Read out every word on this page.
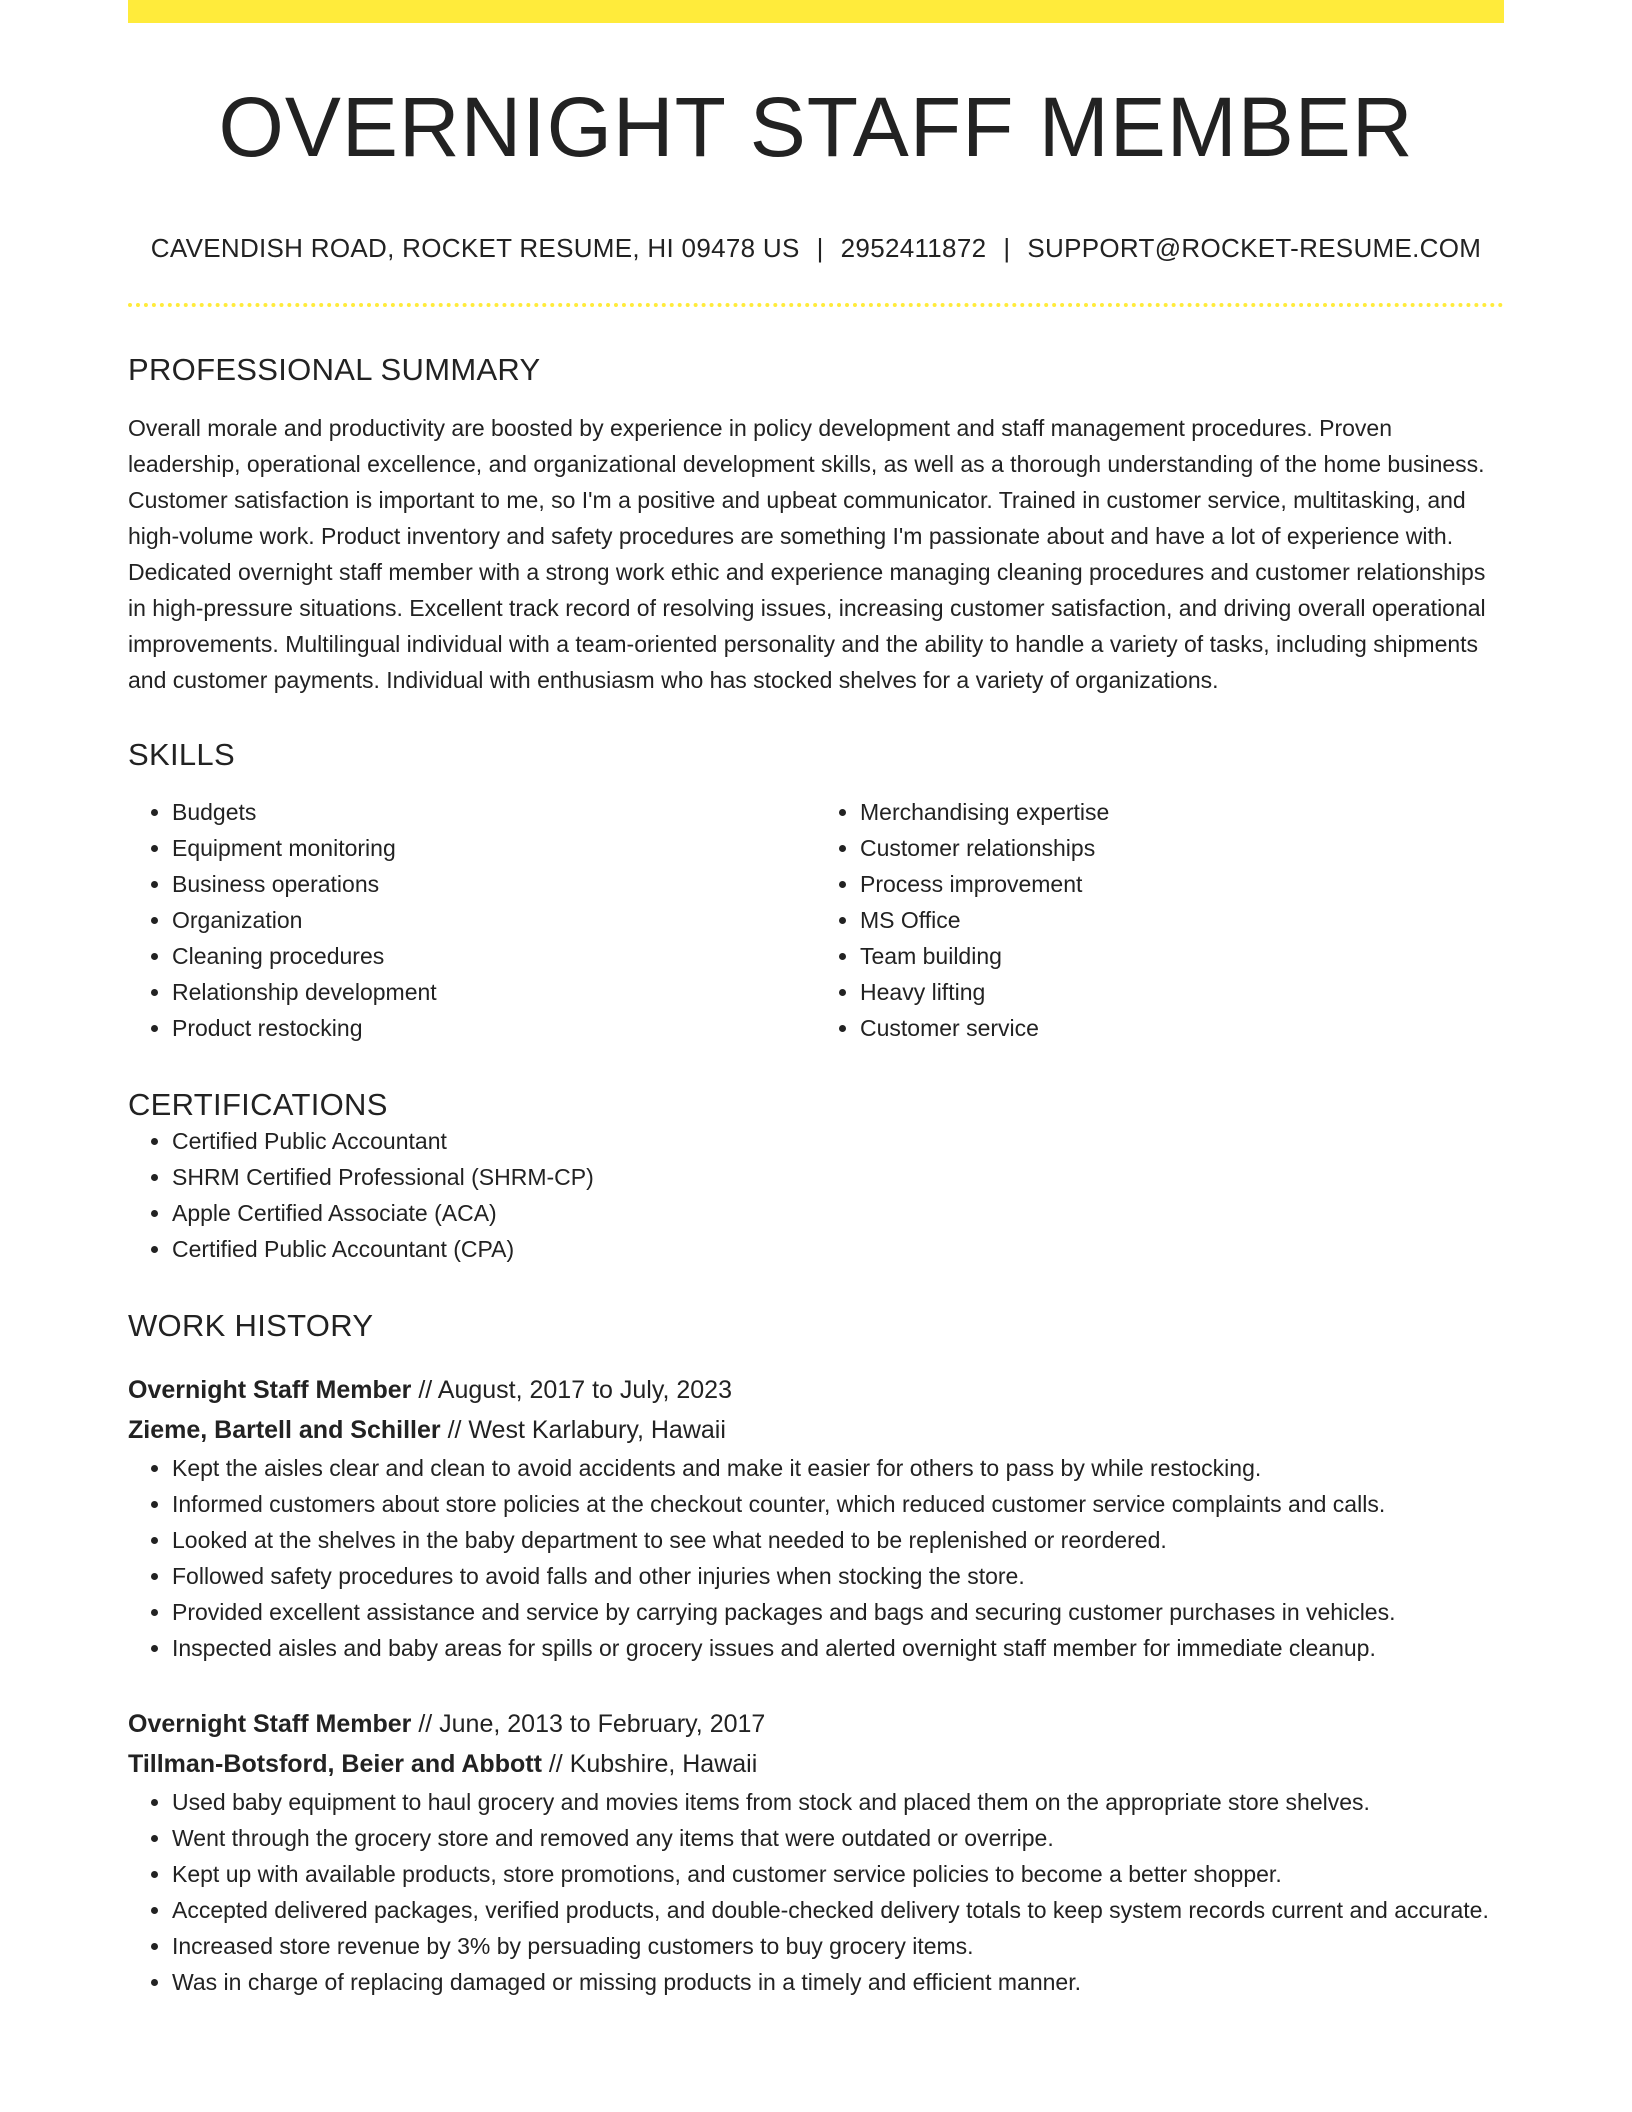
OVERNIGHT STAFF MEMBER
CAVENDISH ROAD, ROCKET RESUME, HI 09478 US | 2952411872 | SUPPORT@ROCKET-RESUME.COM
PROFESSIONAL SUMMARY
Overall morale and productivity are boosted by experience in policy development and staff management procedures. Proven leadership, operational excellence, and organizational development skills, as well as a thorough understanding of the home business. Customer satisfaction is important to me, so I'm a positive and upbeat communicator. Trained in customer service, multitasking, and high-volume work. Product inventory and safety procedures are something I'm passionate about and have a lot of experience with. Dedicated overnight staff member with a strong work ethic and experience managing cleaning procedures and customer relationships in high-pressure situations. Excellent track record of resolving issues, increasing customer satisfaction, and driving overall operational improvements. Multilingual individual with a team-oriented personality and the ability to handle a variety of tasks, including shipments and customer payments. Individual with enthusiasm who has stocked shelves for a variety of organizations.
SKILLS
• Budgets
• Equipment monitoring
• Business operations
• Organization
• Cleaning procedures
• Relationship development
• Product restocking
• Merchandising expertise
• Customer relationships
• Process improvement
• MS Office
• Team building
• Heavy lifting
• Customer service
CERTIFICATIONS
• Certified Public Accountant
• SHRM Certified Professional (SHRM-CP)
• Apple Certified Associate (ACA)
• Certified Public Accountant (CPA)
WORK HISTORY
Overnight Staff Member // August, 2017 to July, 2023
Zieme, Bartell and Schiller // West Karlabury, Hawaii
• Kept the aisles clear and clean to avoid accidents and make it easier for others to pass by while restocking.
• Informed customers about store policies at the checkout counter, which reduced customer service complaints and calls.
• Looked at the shelves in the baby department to see what needed to be replenished or reordered.
• Followed safety procedures to avoid falls and other injuries when stocking the store.
• Provided excellent assistance and service by carrying packages and bags and securing customer purchases in vehicles.
• Inspected aisles and baby areas for spills or grocery issues and alerted overnight staff member for immediate cleanup.
Overnight Staff Member // June, 2013 to February, 2017
Tillman-Botsford, Beier and Abbott // Kubshire, Hawaii
• Used baby equipment to haul grocery and movies items from stock and placed them on the appropriate store shelves.
• Went through the grocery store and removed any items that were outdated or overripe.
• Kept up with available products, store promotions, and customer service policies to become a better shopper.
• Accepted delivered packages, verified products, and double-checked delivery totals to keep system records current and accurate.
• Increased store revenue by 3% by persuading customers to buy grocery items.
• Was in charge of replacing damaged or missing products in a timely and efficient manner.
